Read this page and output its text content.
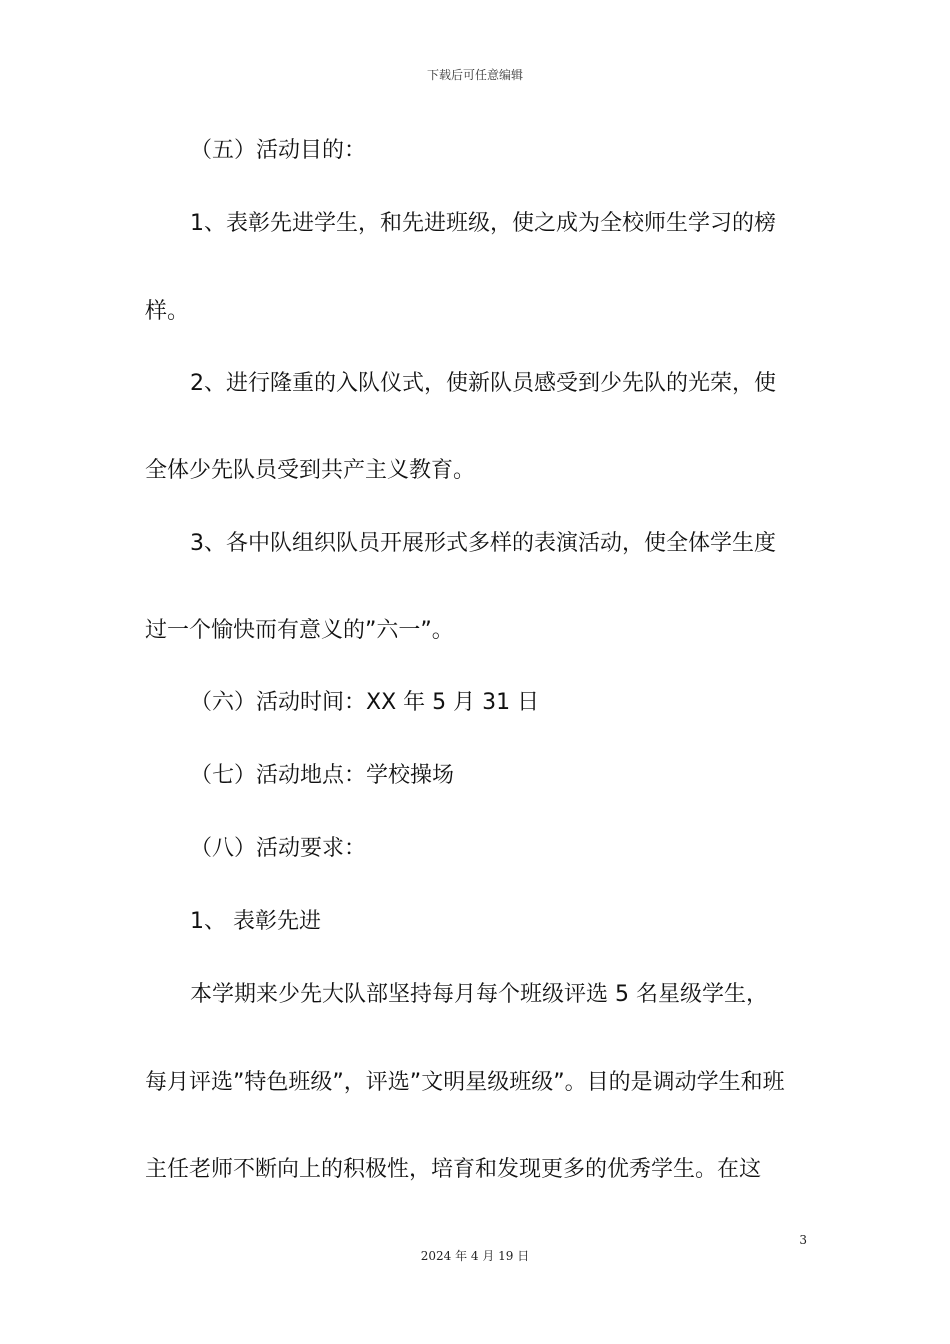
下载后可任意编辑
（五）活动目的：
1、表彰先进学生，和先进班级，使之成为全校师生学习的榜
样。
2、进行隆重的入队仪式，使新队员感受到少先队的光荣，使
全体少先队员受到共产主义教育。
3、各中队组织队员开展形式多样的表演活动，使全体学生度
过一个愉快而有意义的”六一”。
（六）活动时间：XX 年 5 月 31 日
（七）活动地点：学校操场
（八）活动要求：
1、 表彰先进
本学期来少先大队部坚持每月每个班级评选 5 名星级学生，
每月评选”特色班级”，评选”文明星级班级”。目的是调动学生和班
主任老师不断向上的积极性，培育和发现更多的优秀学生。在这
3
2024 年 4 月 19 日
